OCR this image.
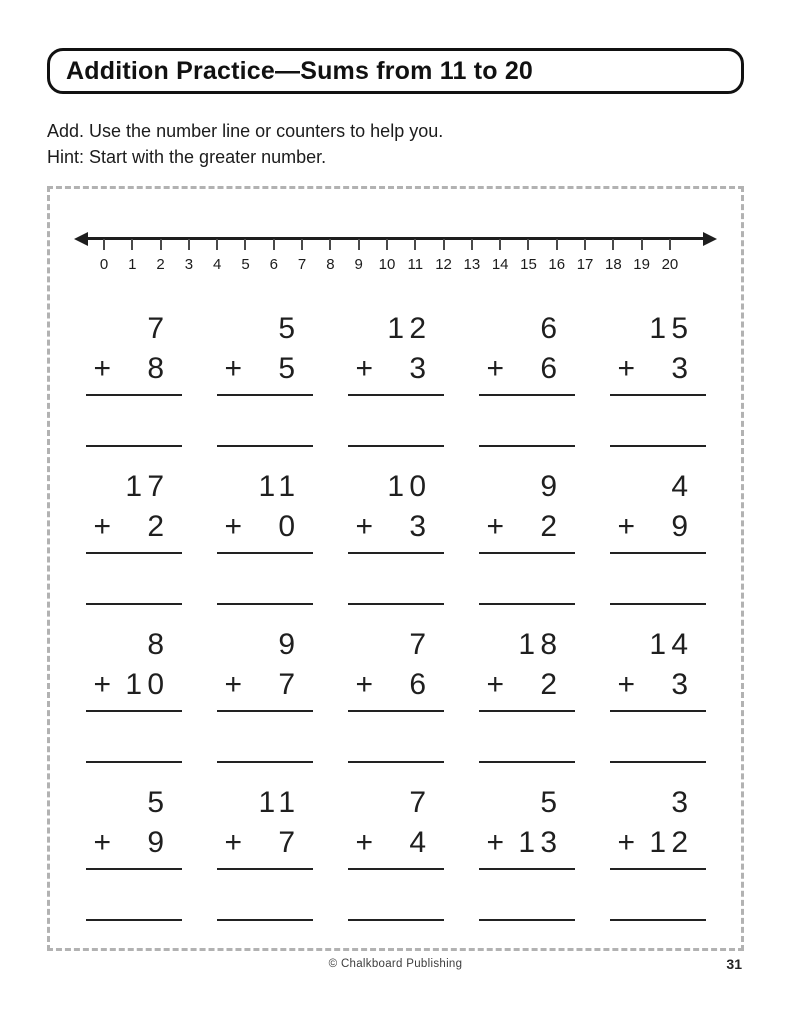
Addition Practice—Sums from 11 to 20

Add. Use the number line or counters to help you.

Hint: Start with the greater number.

0 1 2 3 4 5 6 7 8 9 10 11 12 13 14 15 16 17 18 19 20
7
+ 8
5
+ 5
12
+ 3
6
+ 6
15
+ 3
17
+ 2
11
+ 0
10
+ 3
9
+ 2
4
+ 9
8
+ 10
9
+ 7
7
+ 6
18
+ 2
14
+ 3
5
+ 9
11
+ 7
7
+ 4
5
+ 13
3
+ 12
© Chalkboard Publishing	31
